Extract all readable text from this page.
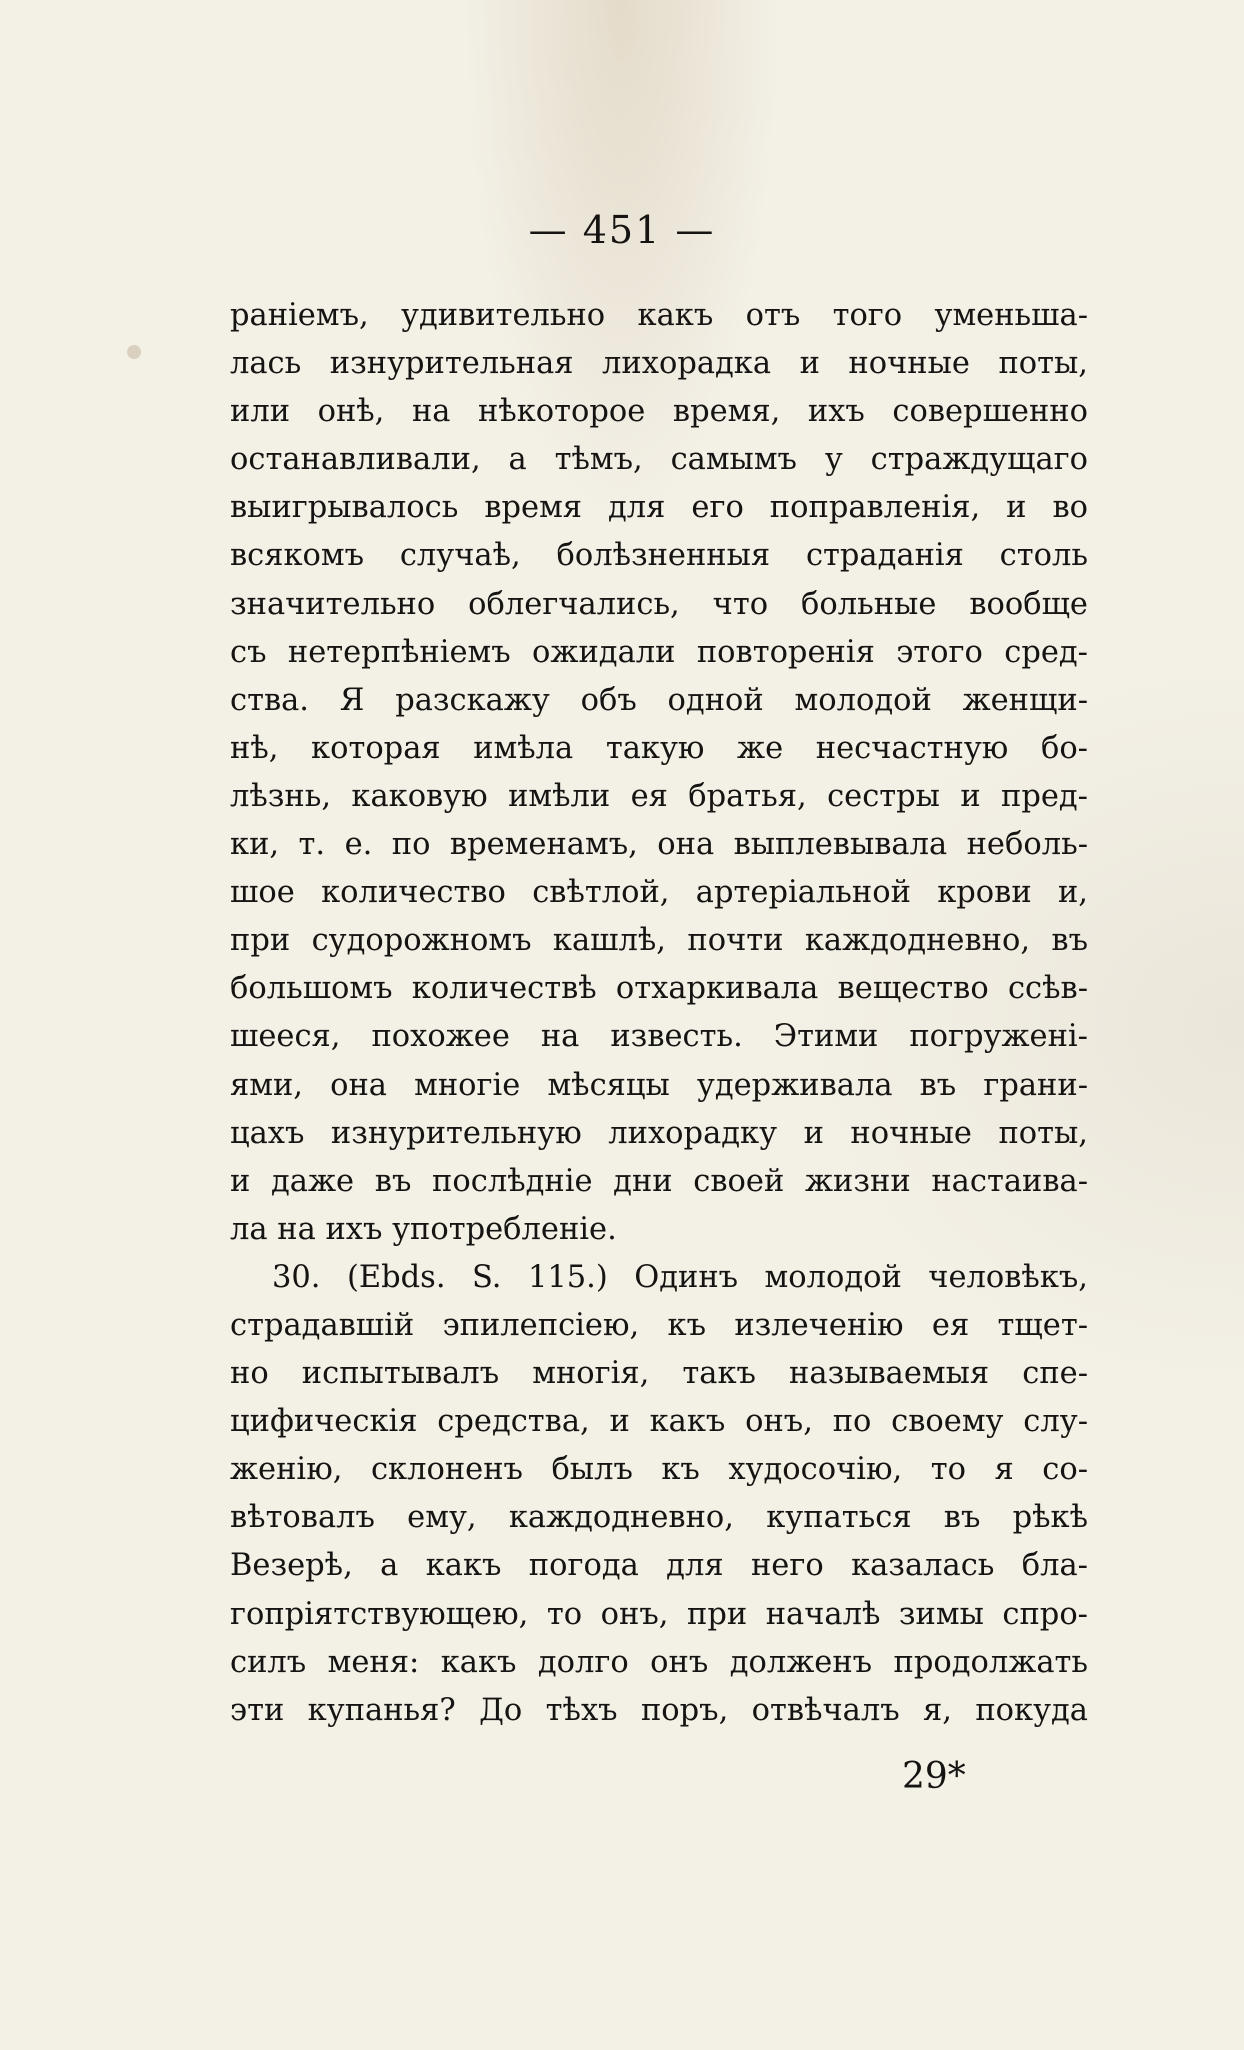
— 451 —
раніемъ, удивительно какъ отъ того уменьша-
лась изнурительная лихорадка и ночные поты,
или онѣ, на нѣкоторое время, ихъ совершенно
останавливали, а тѣмъ, самымъ у страждущаго
выигрывалось время для его поправленія, и во
всякомъ случаѣ, болѣзненныя страданія столь
значительно облегчались, что больные вообще
съ нетерпѣніемъ ожидали повторенія этого сред-
ства. Я разскажу объ одной молодой женщи-
нѣ, которая имѣла такую же несчастную бо-
лѣзнь, каковую имѣли ея братья, сестры и пред-
ки, т. е. по временамъ, она выплевывала неболь-
шое количество свѣтлой, артеріальной крови и,
при судорожномъ кашлѣ, почти каждодневно, въ
большомъ количествѣ отхаркивала вещество ссѣв-
шееся, похожее на известь. Этими погружені-
ями, она многіе мѣсяцы удерживала въ грани-
цахъ изнурительную лихорадку и ночные поты,
и даже въ послѣдніе дни своей жизни настаива-
ла на ихъ употребленіе.
30. (Ebds. S. 115.) Одинъ молодой человѣкъ,
страдавшій эпилепсіею, къ излеченію ея тщет-
но испытывалъ многія, такъ называемыя спе-
цифическія средства, и какъ онъ, по своему слу-
женію, склоненъ былъ къ худосочію, то я со-
вѣтовалъ ему, каждодневно, купаться въ рѣкѣ
Везерѣ, а какъ погода для него казалась бла-
гопріятствующею, то онъ, при началѣ зимы спро-
силъ меня: какъ долго онъ долженъ продолжать
эти купанья? До тѣхъ поръ, отвѣчалъ я, покуда
29*
